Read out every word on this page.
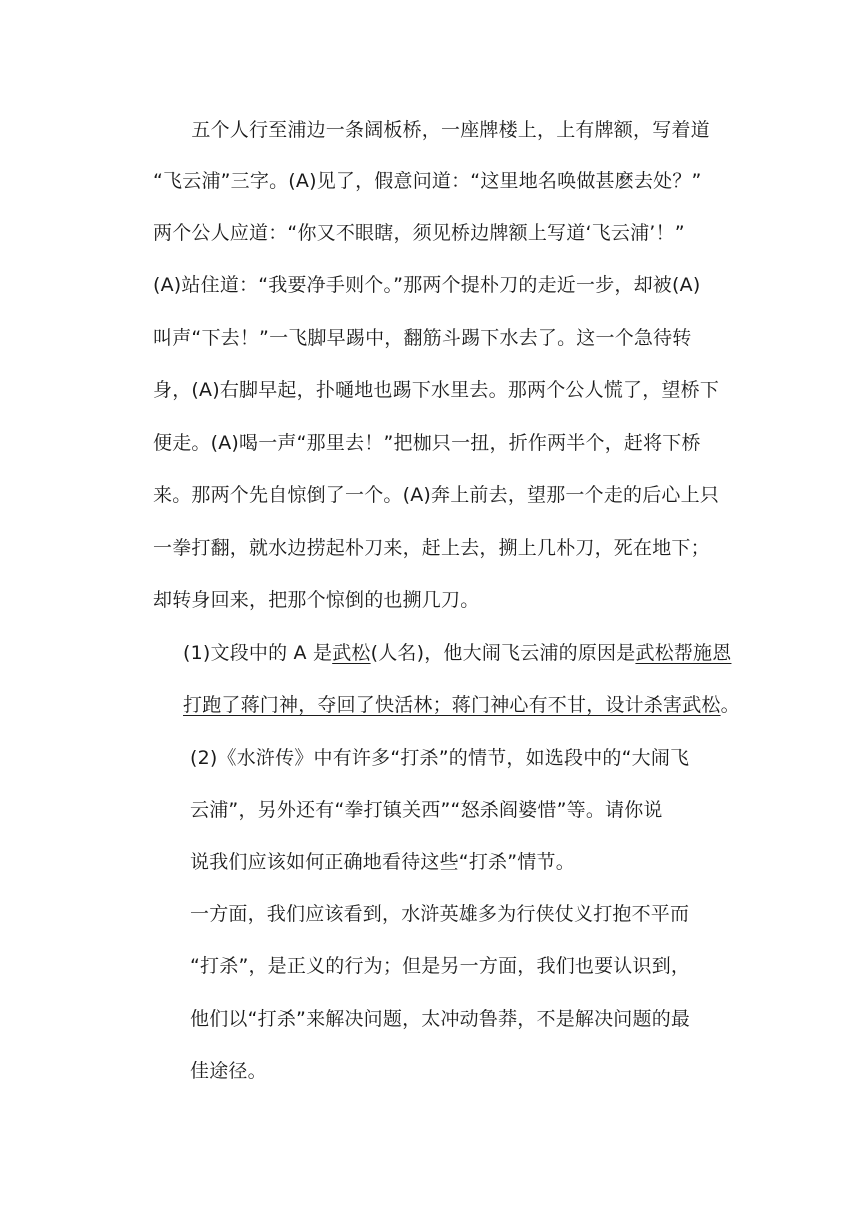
　　五个人行至浦边一条阔板桥，一座牌楼上，上有牌额，写着道
“飞云浦”三字。(A)见了，假意问道：“这里地名唤做甚麽去处？”
两个公人应道：“你又不眼瞎，须见桥边牌额上写道‘飞云浦’！”
(A)站住道：“我要净手则个。”那两个提朴刀的走近一步，却被(A)
叫声“下去！”一飞脚早踢中，翻筋斗踢下水去了。这一个急待转
身，(A)右脚早起，扑嗵地也踢下水里去。那两个公人慌了，望桥下
便走。(A)喝一声“那里去！”把枷只一扭，折作两半个，赶将下桥
来。那两个先自惊倒了一个。(A)奔上前去，望那一个走的后心上只
一拳打翻，就水边捞起朴刀来，赶上去，搠上几朴刀，死在地下；
却转身回来，把那个惊倒的也搠几刀。
(1)文段中的 A 是武松(人名)，他大闹飞云浦的原因是武松帮施恩
打跑了蒋门神，夺回了快活林；蒋门神心有不甘，设计杀害武松。
(2)《水浒传》中有许多“打杀”的情节，如选段中的“大闹飞
云浦”，另外还有“拳打镇关西”“怒杀阎婆惜”等。请你说
说我们应该如何正确地看待这些“打杀”情节。
一方面，我们应该看到，水浒英雄多为行侠仗义打抱不平而
“打杀”，是正义的行为；但是另一方面，我们也要认识到，
他们以“打杀”来解决问题，太冲动鲁莽，不是解决问题的最
佳途径。
